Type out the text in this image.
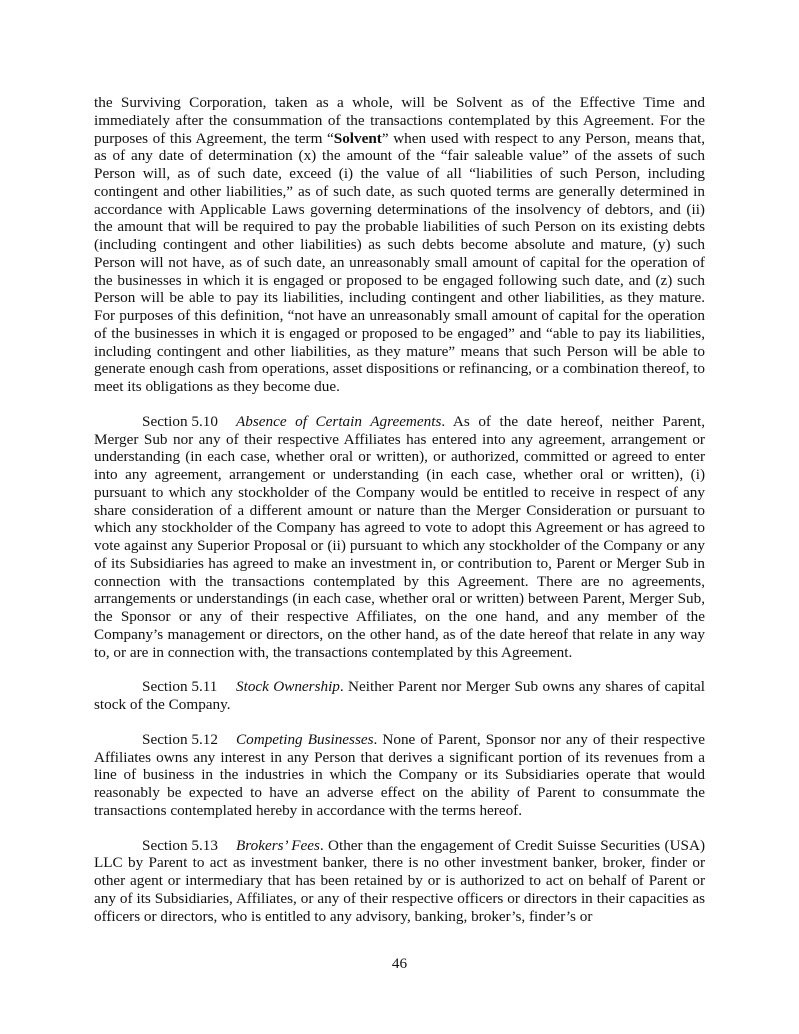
the Surviving Corporation, taken as a whole, will be Solvent as of the Effective Time and immediately after the consummation of the transactions contemplated by this Agreement. For the purposes of this Agreement, the term “Solvent” when used with respect to any Person, means that, as of any date of determination (x) the amount of the “fair saleable value” of the assets of such Person will, as of such date, exceed (i) the value of all “liabilities of such Person, including contingent and other liabilities,” as of such date, as such quoted terms are generally determined in accordance with Applicable Laws governing determinations of the insolvency of debtors, and (ii) the amount that will be required to pay the probable liabilities of such Person on its existing debts (including contingent and other liabilities) as such debts become absolute and mature, (y) such Person will not have, as of such date, an unreasonably small amount of capital for the operation of the businesses in which it is engaged or proposed to be engaged following such date, and (z) such Person will be able to pay its liabilities, including contingent and other liabilities, as they mature. For purposes of this definition, “not have an unreasonably small amount of capital for the operation of the businesses in which it is engaged or proposed to be engaged” and “able to pay its liabilities, including contingent and other liabilities, as they mature” means that such Person will be able to generate enough cash from operations, asset dispositions or refinancing, or a combination thereof, to meet its obligations as they become due.

Section 5.10 Absence of Certain Agreements. As of the date hereof, neither Parent, Merger Sub nor any of their respective Affiliates has entered into any agreement, arrangement or understanding (in each case, whether oral or written), or authorized, committed or agreed to enter into any agreement, arrangement or understanding (in each case, whether oral or written), (i) pursuant to which any stockholder of the Company would be entitled to receive in respect of any share consideration of a different amount or nature than the Merger Consideration or pursuant to which any stockholder of the Company has agreed to vote to adopt this Agreement or has agreed to vote against any Superior Proposal or (ii) pursuant to which any stockholder of the Company or any of its Subsidiaries has agreed to make an investment in, or contribution to, Parent or Merger Sub in connection with the transactions contemplated by this Agreement. There are no agreements, arrangements or understandings (in each case, whether oral or written) between Parent, Merger Sub, the Sponsor or any of their respective Affiliates, on the one hand, and any member of the Company’s management or directors, on the other hand, as of the date hereof that relate in any way to, or are in connection with, the transactions contemplated by this Agreement.

Section 5.11 Stock Ownership. Neither Parent nor Merger Sub owns any shares of capital stock of the Company.

Section 5.12 Competing Businesses. None of Parent, Sponsor nor any of their respective Affiliates owns any interest in any Person that derives a significant portion of its revenues from a line of business in the industries in which the Company or its Subsidiaries operate that would reasonably be expected to have an adverse effect on the ability of Parent to consummate the transactions contemplated hereby in accordance with the terms hereof.

Section 5.13 Brokers’ Fees. Other than the engagement of Credit Suisse Securities (USA) LLC by Parent to act as investment banker, there is no other investment banker, broker, finder or other agent or intermediary that has been retained by or is authorized to act on behalf of Parent or any of its Subsidiaries, Affiliates, or any of their respective officers or directors in their capacities as officers or directors, who is entitled to any advisory, banking, broker’s, finder’s or

46
